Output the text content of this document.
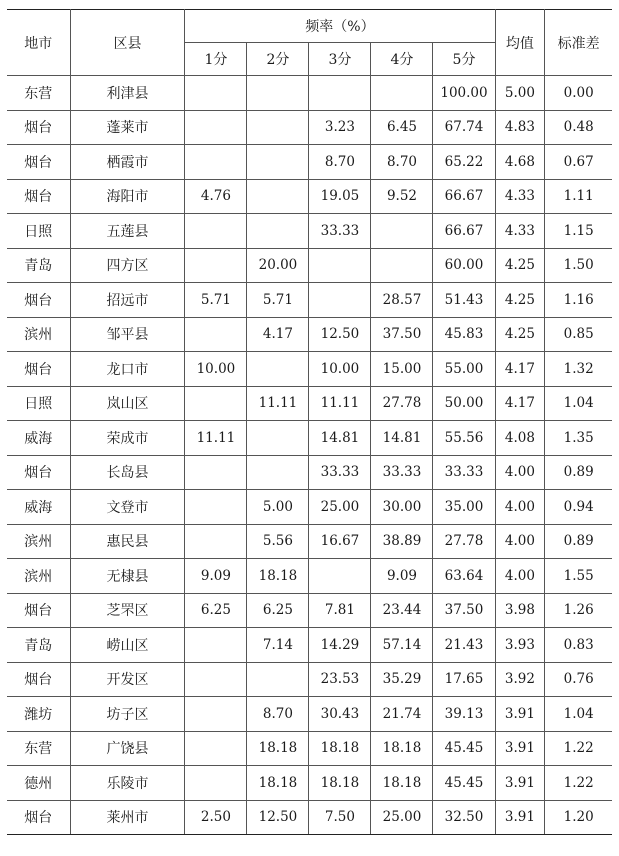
地市	区县	频率（%）					均值	标准差
		1分	2分	3分	4分	5分		
东营	利津县					100.00	5.00	0.00
烟台	蓬莱市			3.23	6.45	67.74	4.83	0.48
烟台	栖霞市			8.70	8.70	65.22	4.68	0.67
烟台	海阳市	4.76		19.05	9.52	66.67	4.33	1.11
日照	五莲县			33.33		66.67	4.33	1.15
青岛	四方区		20.00			60.00	4.25	1.50
烟台	招远市	5.71	5.71		28.57	51.43	4.25	1.16
滨州	邹平县		4.17	12.50	37.50	45.83	4.25	0.85
烟台	龙口市	10.00		10.00	15.00	55.00	4.17	1.32
日照	岚山区		11.11	11.11	27.78	50.00	4.17	1.04
威海	荣成市	11.11		14.81	14.81	55.56	4.08	1.35
烟台	长岛县			33.33	33.33	33.33	4.00	0.89
威海	文登市		5.00	25.00	30.00	35.00	4.00	0.94
滨州	惠民县		5.56	16.67	38.89	27.78	4.00	0.89
滨州	无棣县	9.09	18.18		9.09	63.64	4.00	1.55
烟台	芝罘区	6.25	6.25	7.81	23.44	37.50	3.98	1.26
青岛	崂山区		7.14	14.29	57.14	21.43	3.93	0.83
烟台	开发区			23.53	35.29	17.65	3.92	0.76
潍坊	坊子区		8.70	30.43	21.74	39.13	3.91	1.04
东营	广饶县		18.18	18.18	18.18	45.45	3.91	1.22
德州	乐陵市		18.18	18.18	18.18	45.45	3.91	1.22
烟台	莱州市	2.50	12.50	7.50	25.00	32.50	3.91	1.20
